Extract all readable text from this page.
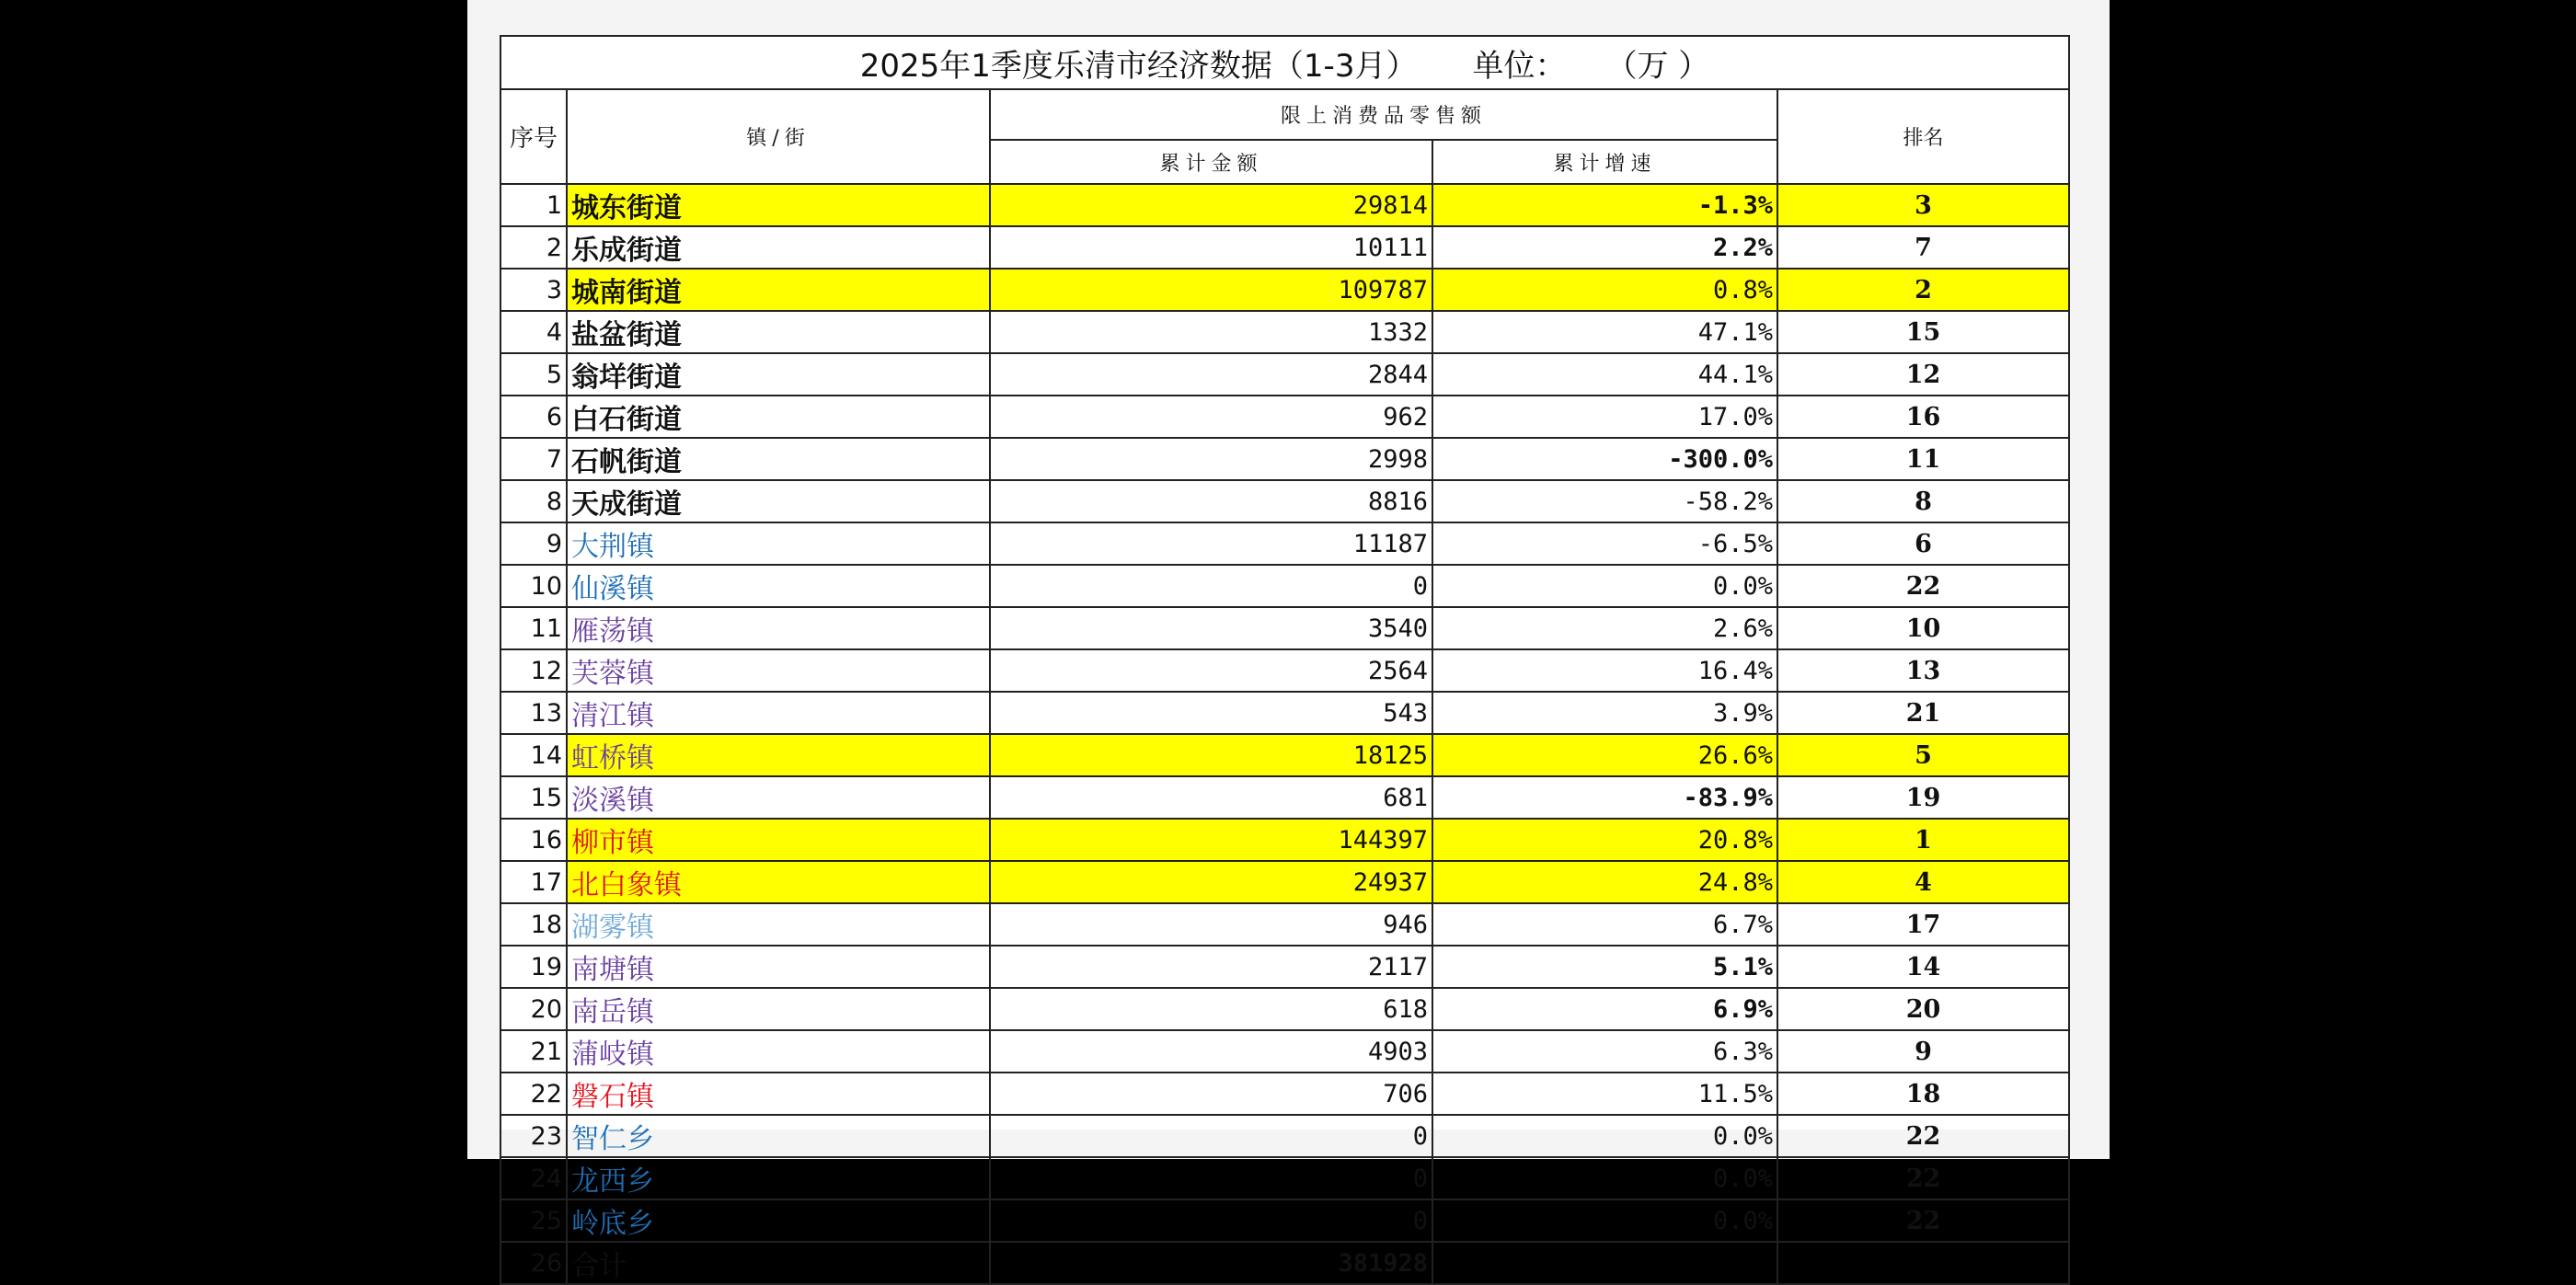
2025年1季度乐清市经济数据（1-3月） 单位： （万 ）				
序号	镇/街	限上消费品零售额		排名
		累计金额	累计增速	
1	城东街道	29814	-1.3%	3
2	乐成街道	10111	2.2%	7
3	城南街道	109787	0.8%	2
4	盐盆街道	1332	47.1%	15
5	翁垟街道	2844	44.1%	12
6	白石街道	962	17.0%	16
7	石帆街道	2998	-300.0%	11
8	天成街道	8816	-58.2%	8
9	大荆镇	11187	-6.5%	6
10	仙溪镇	0	0.0%	22
11	雁荡镇	3540	2.6%	10
12	芙蓉镇	2564	16.4%	13
13	清江镇	543	3.9%	21
14	虹桥镇	18125	26.6%	5
15	淡溪镇	681	-83.9%	19
16	柳市镇	144397	20.8%	1
17	北白象镇	24937	24.8%	4
18	湖雾镇	946	6.7%	17
19	南塘镇	2117	5.1%	14
20	南岳镇	618	6.9%	20
21	蒲岐镇	4903	6.3%	9
22	磐石镇	706	11.5%	18
23	智仁乡	0	0.0%	22
24	龙西乡	0	0.0%	22
25	岭底乡	0	0.0%	22
26	合计	381928		
